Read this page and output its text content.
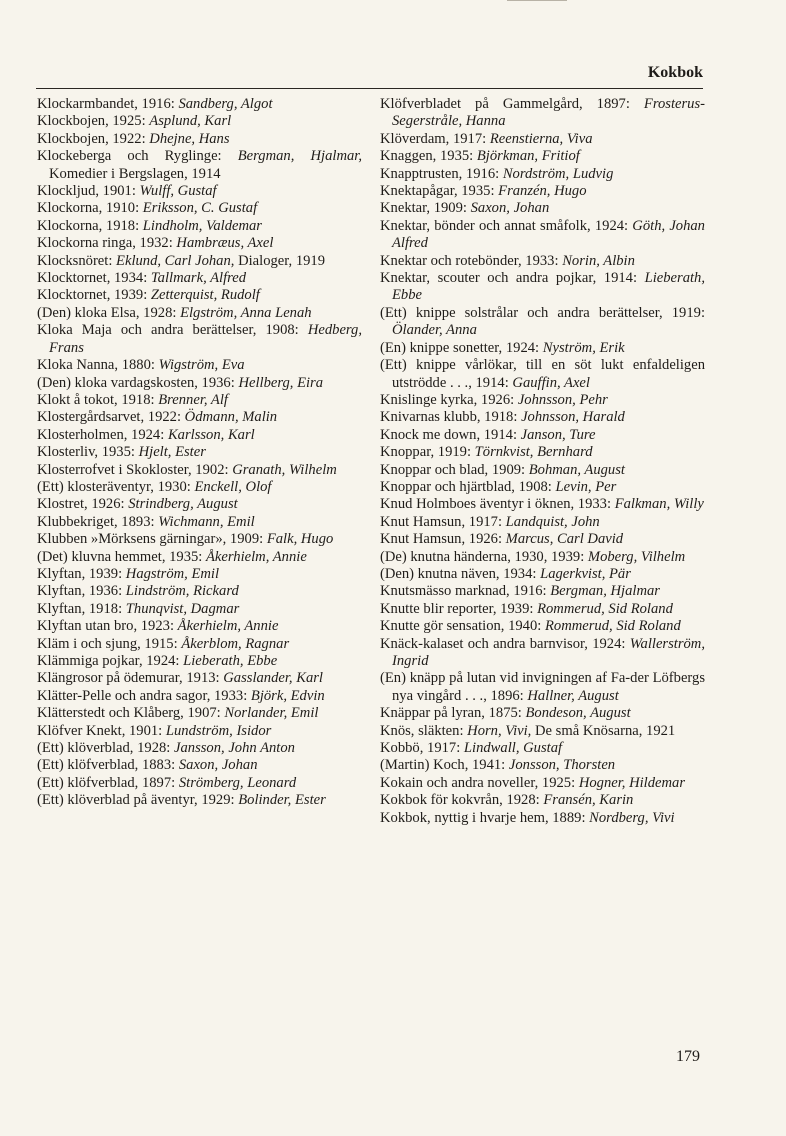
Kokbok
Klockarmbandet, 1916: Sandberg, Algot
Klockbojen, 1925: Asplund, Karl
Klockbojen, 1922: Dhejne, Hans
Klockeberga och Ryglinge: Bergman, Hjalmar, Komedier i Bergslagen, 1914
Klockljud, 1901: Wulff, Gustaf
Klockorna, 1910: Eriksson, C. Gustaf
Klockorna, 1918: Lindholm, Valdemar
Klockorna ringa, 1932: Hambræus, Axel
Klocksnöret: Eklund, Carl Johan, Dialoger, 1919
Klocktornet, 1934: Tallmark, Alfred
Klocktornet, 1939: Zetterquist, Rudolf
(Den) kloka Elsa, 1928: Elgström, Anna Lenah
Kloka Maja och andra berättelser, 1908: Hedberg, Frans
Kloka Nanna, 1880: Wigström, Eva
(Den) kloka vardagskosten, 1936: Hellberg, Eira
Klokt å tokot, 1918: Brenner, Alf
Klostergårdsarvet, 1922: Ödmann, Malin
Klosterholmen, 1924: Karlsson, Karl
Klosterliv, 1935: Hjelt, Ester
Klosterrofvet i Skokloster, 1902: Granath, Wilhelm
(Ett) klosteräventyr, 1930: Enckell, Olof
Klostret, 1926: Strindberg, August
Klubbekriget, 1893: Wichmann, Emil
Klubben »Mörksens gärningar», 1909: Falk, Hugo
(Det) kluvna hemmet, 1935: Åkerhielm, Annie
Klyftan, 1939: Hagström, Emil
Klyftan, 1936: Lindström, Rickard
Klyftan, 1918: Thunqvist, Dagmar
Klyftan utan bro, 1923: Åkerhielm, Annie
Kläm i och sjung, 1915: Åkerblom, Ragnar
Klämmiga pojkar, 1924: Lieberath, Ebbe
Klängrosor på ödemurar, 1913: Gasslander, Karl
Klätter-Pelle och andra sagor, 1933: Björk, Edvin
Klätterstedt och Klåberg, 1907: Norlander, Emil
Klöfver Knekt, 1901: Lundström, Isidor
(Ett) klöverblad, 1928: Jansson, John Anton
(Ett) klöfverblad, 1883: Saxon, Johan
(Ett) klöfverblad, 1897: Strömberg, Leonard
(Ett) klöverblad på äventyr, 1929: Bolinder, Ester
Klöfverbladet på Gammelgård, 1897: Frosterus-Segerstråle, Hanna
Klöverdam, 1917: Reenstierna, Viva
Knaggen, 1935: Björkman, Fritiof
Knapptrusten, 1916: Nordström, Ludvig
Knektapågar, 1935: Franzén, Hugo
Knektar, 1909: Saxon, Johan
Knektar, bönder och annat småfolk, 1924: Göth, Johan Alfred
Knektar och rotebönder, 1933: Norin, Albin
Knektar, scouter och andra pojkar, 1914: Lieberath, Ebbe
(Ett) knippe solstrålar och andra berättelser, 1919: Ölander, Anna
(En) knippe sonetter, 1924: Nyström, Erik
(Ett) knippe vårlökar, till en söt lukt enfaldeligen utströdde . . ., 1914: Gauffin, Axel
Knislinge kyrka, 1926: Johnsson, Pehr
Knivarnas klubb, 1918: Johnsson, Harald
Knock me down, 1914: Janson, Ture
Knoppar, 1919: Törnkvist, Bernhard
Knoppar och blad, 1909: Bohman, August
Knoppar och hjärtblad, 1908: Levin, Per
Knud Holmboes äventyr i öknen, 1933: Falkman, Willy
Knut Hamsun, 1917: Landquist, John
Knut Hamsun, 1926: Marcus, Carl David
(De) knutna händerna, 1930, 1939: Moberg, Vilhelm
(Den) knutna näven, 1934: Lagerkvist, Pär
Knutsmässo marknad, 1916: Bergman, Hjalmar
Knutte blir reporter, 1939: Rommerud, Sid Roland
Knutte gör sensation, 1940: Rommerud, Sid Roland
Knäck-kalaset och andra barnvisor, 1924: Wallerström, Ingrid
(En) knäpp på lutan vid invigningen af Fa-der Löfbergs nya vingård . . ., 1896: Hallner, August
Knäppar på lyran, 1875: Bondeson, August
Knös, släkten: Horn, Vivi, De små Knösarna, 1921
Kobbö, 1917: Lindwall, Gustaf
(Martin) Koch, 1941: Jonsson, Thorsten
Kokain och andra noveller, 1925: Hogner, Hildemar
Kokbok för kokvrån, 1928: Fransén, Karin
Kokbok, nyttig i hvarje hem, 1889: Nordberg, Vivi
179
